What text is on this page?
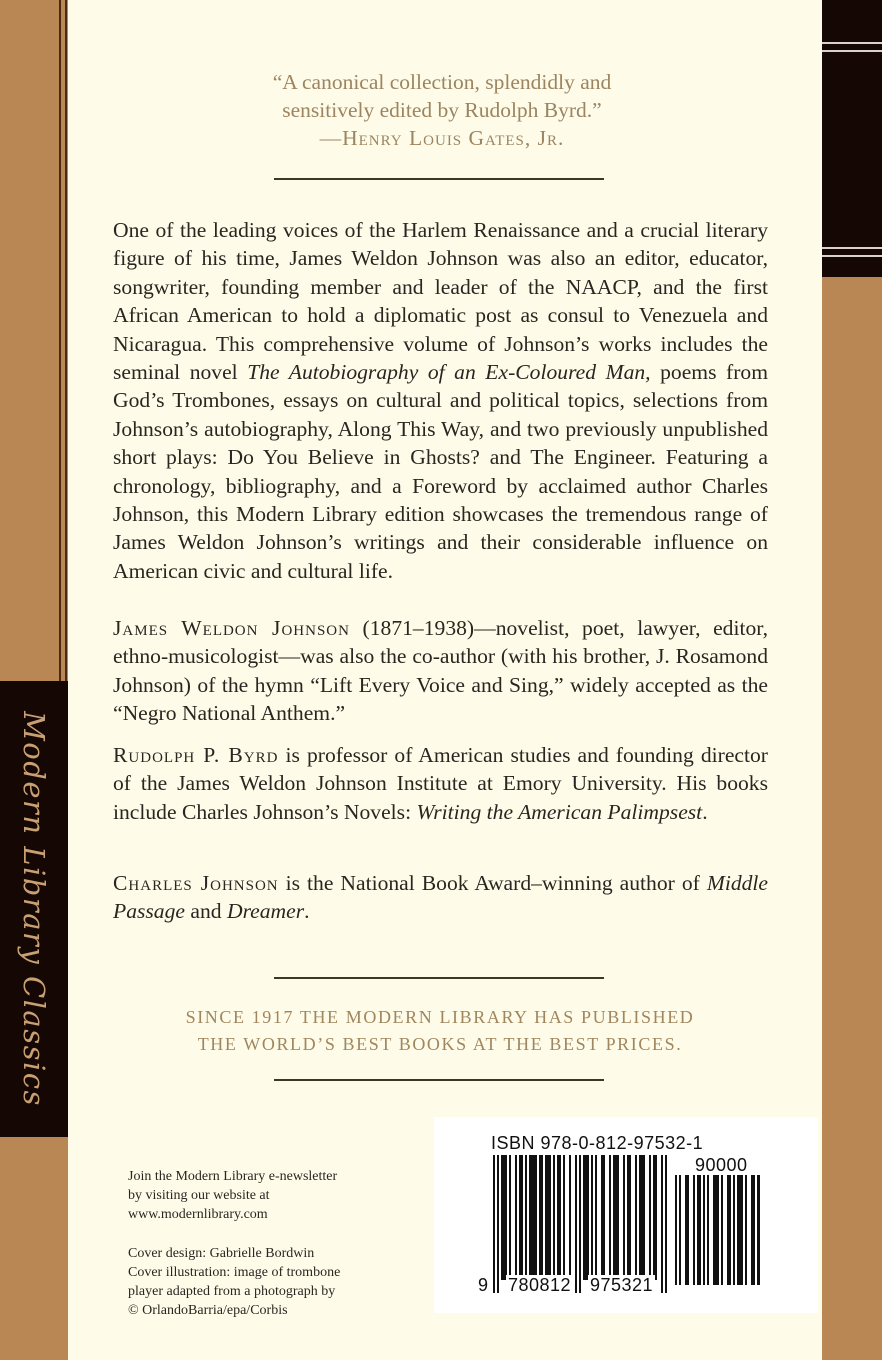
Modern Library Classics
“A canonical collection, splendidly and
sensitively edited by Rudolph Byrd.”
—Henry Louis Gates, Jr.

One of the leading voices of the Harlem Renaissance and a crucial literary figure of his time, James Weldon Johnson was also an editor, educator, songwriter, founding member and leader of the NAACP, and the first African American to hold a diplomatic post as consul to Venezuela and Nicaragua. This comprehensive volume of Johnson’s works includes the seminal novel The Autobiography of an Ex-Coloured Man, poems from God’s Trombones, essays on cultural and political topics, selections from Johnson’s autobiography, Along This Way, and two previously unpublished short plays: Do You Believe in Ghosts? and The Engineer. Featuring a chronology, bibliography, and a Foreword by acclaimed author Charles Johnson, this Modern Library edition showcases the tremendous range of James Weldon Johnson’s writings and their considerable influence on American civic and cultural life.

James Weldon Johnson (1871–1938)—novelist, poet, lawyer, editor, ethno-musicologist—was also the co-author (with his brother, J. Rosamond Johnson) of the hymn “Lift Every Voice and Sing,” widely accepted as the “Negro National Anthem.”

Rudolph P. Byrd is professor of American studies and founding director of the James Weldon Johnson Institute at Emory University. His books include Charles Johnson’s Novels: Writing the American Palimpsest.

Charles Johnson is the National Book Award–winning author of Middle Passage and Dreamer.

SINCE 1917 THE MODERN LIBRARY HAS PUBLISHED
THE WORLD’S BEST BOOKS AT THE BEST PRICES.

Join the Modern Library e-newsletter

by visiting our website at

www.modernlibrary.com

Cover design: Gabrielle Bordwin

Cover illustration: image of trombone

player adapted from a photograph by

© OrlandoBarria/epa/Corbis

ISBN 978-0-812-97532-1
90000
9 780812 975321
